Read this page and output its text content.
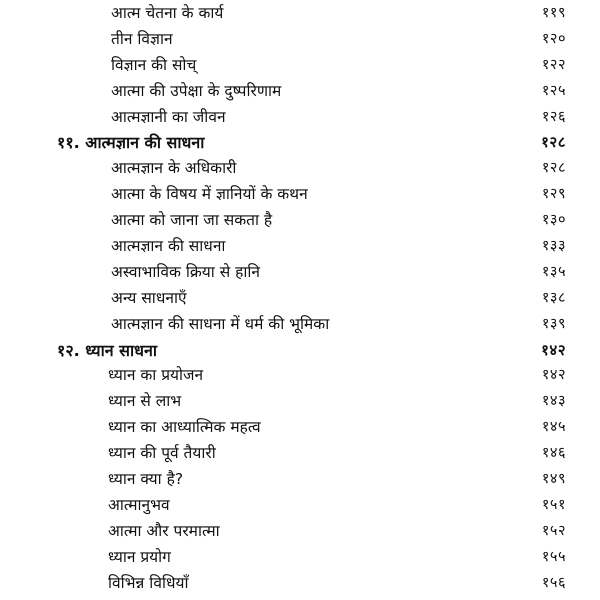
आत्म चेतना के कार्य	११९
तीन विज्ञान	१२०
विज्ञान की सोच्	१२२
आत्मा की उपेक्षा के दुष्परिणाम	१२५
आत्मज्ञानी का जीवन	१२६
११. आत्मज्ञान की साधना	१२८
आत्मज्ञान के अधिकारी	१२८
आत्मा के विषय में ज्ञानियों के कथन	१२९
आत्मा को जाना जा सकता है	१३०
आत्मज्ञान की साधना	१३३
अस्वाभाविक क्रिया से हानि	१३५
अन्य साधनाएँ	१३८
आत्मज्ञान की साधना में धर्म की भूमिका	१३९
१२. ध्यान साधना	१४२
ध्यान का प्रयोजन	१४२
ध्यान से लाभ	१४३
ध्यान का आध्यात्मिक महत्व	१४५
ध्यान की पूर्व तैयारी	१४६
ध्यान क्या है?	१४९
आत्मानुभव	१५१
आत्मा और परमात्मा	१५२
ध्यान प्रयोग	१५५
विभिन्न विधियाँ	१५६
